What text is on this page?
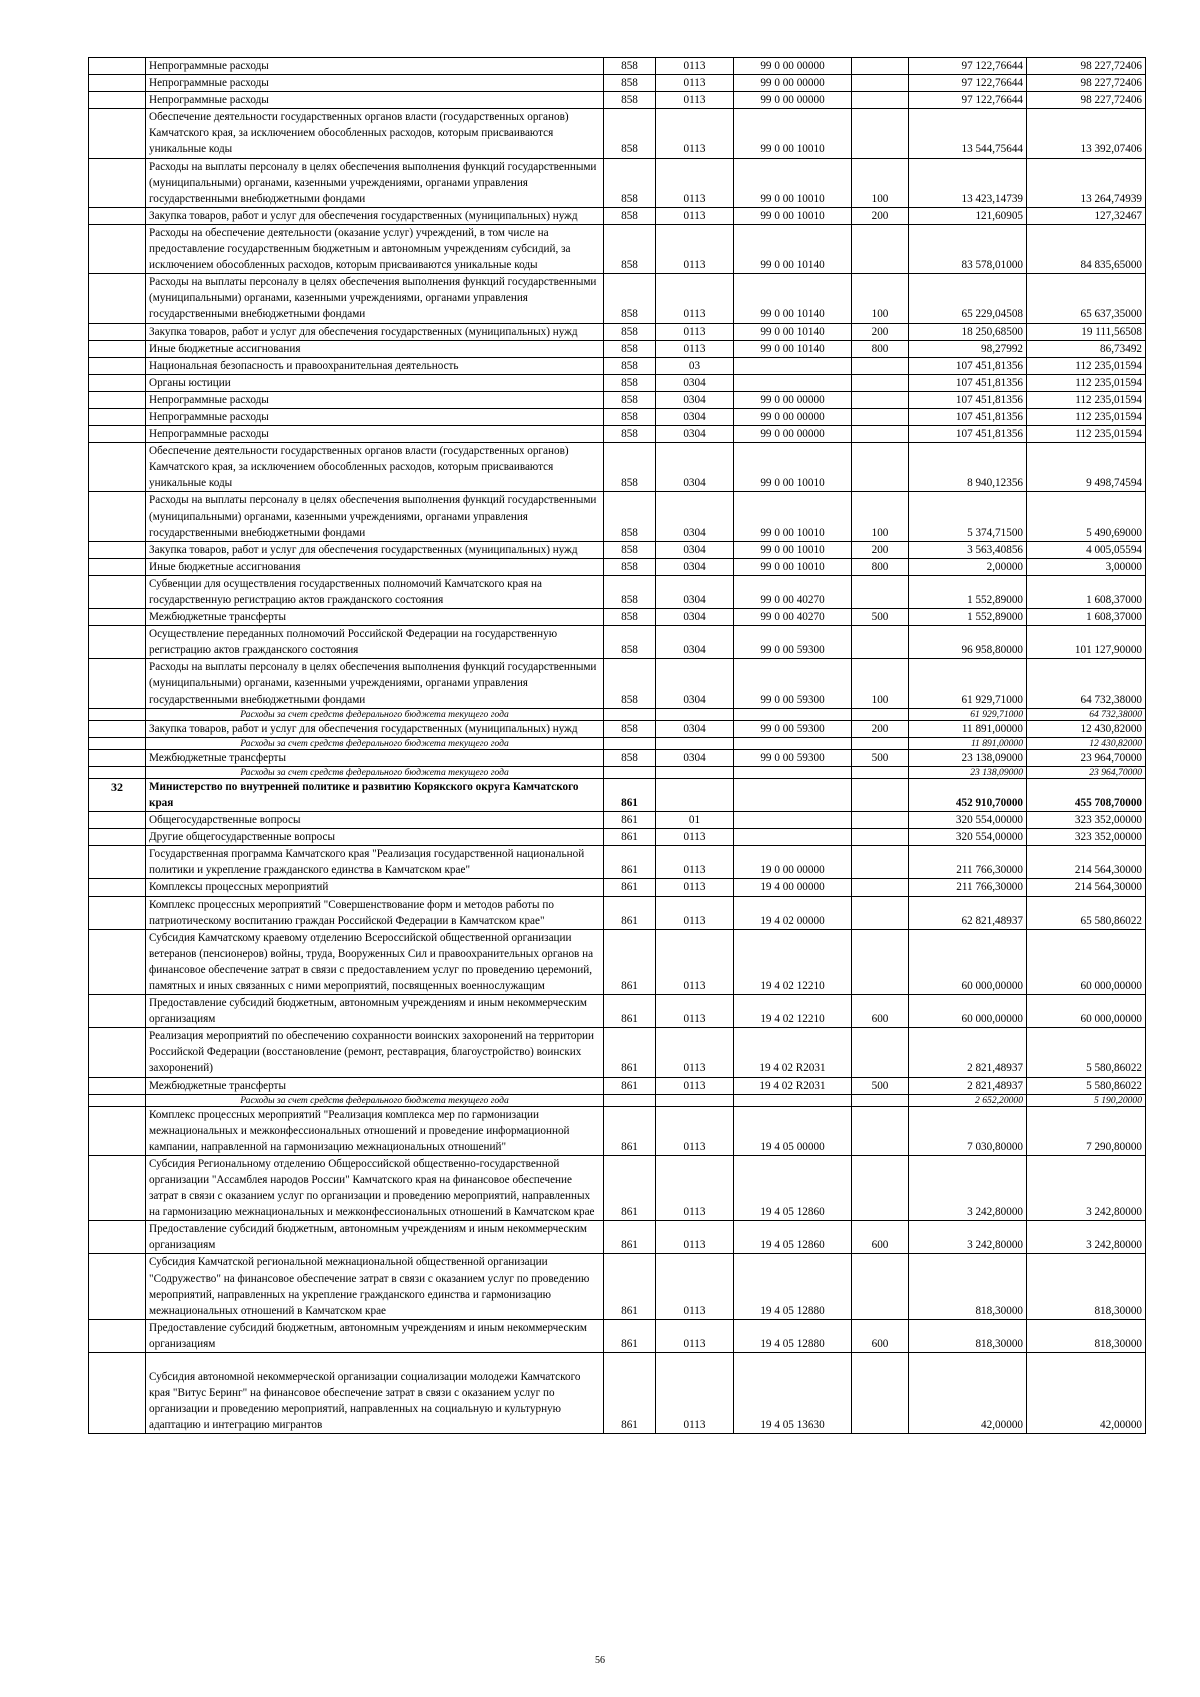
	Непрограммные расходы	858	0113	99 0 00 00000		97 122,76644	98 227,72406
	Непрограммные расходы	858	0113	99 0 00 00000		97 122,76644	98 227,72406
	Непрограммные расходы	858	0113	99 0 00 00000		97 122,76644	98 227,72406
	Обеспечение деятельности государственных органов власти (государственных органов) Камчатского края, за исключением обособленных расходов, которым присваиваются уникальные коды	858	0113	99 0 00 10010		13 544,75644	13 392,07406
	Расходы на выплаты персоналу в целях обеспечения выполнения функций государственными (муниципальными) органами, казенными учреждениями, органами управления государственными внебюджетными фондами	858	0113	99 0 00 10010	100	13 423,14739	13 264,74939
	Закупка товаров, работ и услуг для обеспечения государственных (муниципальных) нужд	858	0113	99 0 00 10010	200	121,60905	127,32467
	Расходы на обеспечение деятельности (оказание услуг) учреждений, в том числе на предоставление государственным бюджетным и автономным учреждениям субсидий, за исключением обособленных расходов, которым присваиваются уникальные коды	858	0113	99 0 00 10140		83 578,01000	84 835,65000
	Расходы на выплаты персоналу в целях обеспечения выполнения функций государственными (муниципальными) органами, казенными учреждениями, органами управления государственными внебюджетными фондами	858	0113	99 0 00 10140	100	65 229,04508	65 637,35000
	Закупка товаров, работ и услуг для обеспечения государственных (муниципальных) нужд	858	0113	99 0 00 10140	200	18 250,68500	19 111,56508
	Иные бюджетные ассигнования	858	0113	99 0 00 10140	800	98,27992	86,73492
	Национальная безопасность и правоохранительная деятельность	858	03			107 451,81356	112 235,01594
	Органы юстиции	858	0304			107 451,81356	112 235,01594
	Непрограммные расходы	858	0304	99 0 00 00000		107 451,81356	112 235,01594
	Непрограммные расходы	858	0304	99 0 00 00000		107 451,81356	112 235,01594
	Непрограммные расходы	858	0304	99 0 00 00000		107 451,81356	112 235,01594
	Обеспечение деятельности государственных органов власти (государственных органов) Камчатского края, за исключением обособленных расходов, которым присваиваются уникальные коды	858	0304	99 0 00 10010		8 940,12356	9 498,74594
	Расходы на выплаты персоналу в целях обеспечения выполнения функций государственными (муниципальными) органами, казенными учреждениями, органами управления государственными внебюджетными фондами	858	0304	99 0 00 10010	100	5 374,71500	5 490,69000
	Закупка товаров, работ и услуг для обеспечения государственных (муниципальных) нужд	858	0304	99 0 00 10010	200	3 563,40856	4 005,05594
	Иные бюджетные ассигнования	858	0304	99 0 00 10010	800	2,00000	3,00000
	Субвенции для осуществления государственных полномочий Камчатского края на государственную регистрацию актов гражданского состояния	858	0304	99 0 00 40270		1 552,89000	1 608,37000
	Межбюджетные трансферты	858	0304	99 0 00 40270	500	1 552,89000	1 608,37000
	Осуществление переданных полномочий Российской Федерации на государственную регистрацию актов гражданского состояния	858	0304	99 0 00 59300		96 958,80000	101 127,90000
	Расходы на выплаты персоналу в целях обеспечения выполнения функций государственными (муниципальными) органами, казенными учреждениями, органами управления государственными внебюджетными фондами	858	0304	99 0 00 59300	100	61 929,71000	64 732,38000
	Расходы за счет средств федерального бюджета текущего года					61 929,71000	64 732,38000
	Закупка товаров, работ и услуг для обеспечения государственных (муниципальных) нужд	858	0304	99 0 00 59300	200	11 891,00000	12 430,82000
	Расходы за счет средств федерального бюджета текущего года					11 891,00000	12 430,82000
	Межбюджетные трансферты	858	0304	99 0 00 59300	500	23 138,09000	23 964,70000
	Расходы за счет средств федерального бюджета текущего года					23 138,09000	23 964,70000
32	Министерство по внутренней политике и развитию Корякского округа Камчатского края	861				452 910,70000	455 708,70000
	Общегосударственные вопросы	861	01			320 554,00000	323 352,00000
	Другие общегосударственные вопросы	861	0113			320 554,00000	323 352,00000
	Государственная программа Камчатского края "Реализация государственной национальной политики и укрепление гражданского единства в Камчатском крае"	861	0113	19 0 00 00000		211 766,30000	214 564,30000
	Комплексы процессных мероприятий	861	0113	19 4 00 00000		211 766,30000	214 564,30000
	Комплекс процессных мероприятий "Совершенствование форм и методов работы по патриотическому воспитанию граждан Российской Федерации в Камчатском крае"	861	0113	19 4 02 00000		62 821,48937	65 580,86022
	Субсидия Камчатскому краевому отделению Всероссийской общественной организации ветеранов (пенсионеров) войны, труда, Вооруженных Сил и правоохранительных органов на финансовое обеспечение затрат в связи с предоставлением услуг по проведению церемоний, памятных и иных связанных с ними мероприятий, посвященных военнослужащим	861	0113	19 4 02 12210		60 000,00000	60 000,00000
	Предоставление субсидий бюджетным, автономным учреждениям и иным некоммерческим организациям	861	0113	19 4 02 12210	600	60 000,00000	60 000,00000
	Реализация мероприятий по обеспечению сохранности воинских захоронений на территории Российской Федерации (восстановление (ремонт, реставрация, благоустройство) воинских захоронений)	861	0113	19 4 02 R2031		2 821,48937	5 580,86022
	Межбюджетные трансферты	861	0113	19 4 02 R2031	500	2 821,48937	5 580,86022
	Расходы за счет средств федерального бюджета текущего года					2 652,20000	5 190,20000
	Комплекс процессных мероприятий "Реализация комплекса мер по гармонизации межнациональных и межконфессиональных отношений и проведение информационной кампании, направленной на гармонизацию межнациональных отношений"	861	0113	19 4 05 00000		7 030,80000	7 290,80000
	Субсидия Региональному отделению Общероссийской общественно-государственной организации "Ассамблея народов России" Камчатского края на финансовое обеспечение затрат в связи с оказанием услуг по организации и проведению мероприятий, направленных на гармонизацию межнациональных и межконфессиональных отношений в Камчатском крае	861	0113	19 4 05 12860		3 242,80000	3 242,80000
	Предоставление субсидий бюджетным, автономным учреждениям и иным некоммерческим организациям	861	0113	19 4 05 12860	600	3 242,80000	3 242,80000
	Субсидия Камчатской региональной межнациональной общественной организации "Содружество" на финансовое обеспечение затрат в связи с оказанием услуг по проведению мероприятий, направленных на укрепление гражданского единства и гармонизацию межнациональных отношений в Камчатском крае	861	0113	19 4 05 12880		818,30000	818,30000
	Предоставление субсидий бюджетным, автономным учреждениям и иным некоммерческим организациям	861	0113	19 4 05 12880	600	818,30000	818,30000
	Субсидия автономной некоммерческой организации социализации молодежи Камчатского края "Витус Беринг" на финансовое обеспечение затрат в связи с оказанием услуг по организации и проведению мероприятий, направленных на социальную и культурную адаптацию и интеграцию мигрантов	861	0113	19 4 05 13630		42,00000	42,00000
56
